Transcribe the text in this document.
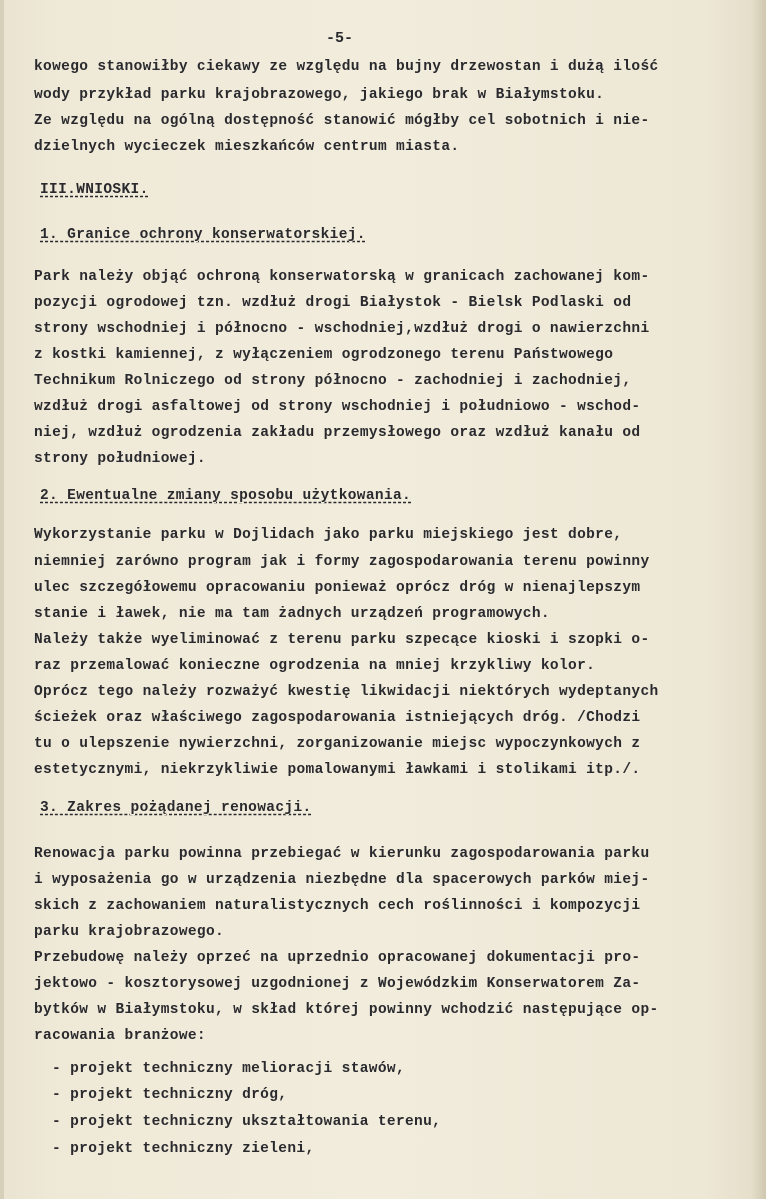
-5-
kowego stanowiłby ciekawy ze względu na bujny drzewostan i dużą ilość
wody przykład parku krajobrazowego, jakiego brak w Białymstoku.
Ze względu na ogólną dostępność stanowić mógłby cel sobotnich i nie-
dzielnych wycieczek mieszkańców centrum miasta.
III.WNIOSKI.
1. Granice ochrony konserwatorskiej.
Park należy objąć ochroną konserwatorską w granicach zachowanej kom-
pozycji ogrodowej tzn. wzdłuż drogi Białystok - Bielsk Podlaski od
strony wschodniej i północno - wschodniej,wzdłuż drogi o nawierzchni
z kostki kamiennej, z wyłączeniem ogrodzonego terenu Państwowego
Technikum Rolniczego od strony północno - zachodniej i zachodniej,
wzdłuż drogi asfaltowej od strony wschodniej i południowo - wschod-
niej, wzdłuż ogrodzenia zakładu przemysłowego oraz wzdłuż kanału od
strony południowej.
2. Ewentualne zmiany sposobu użytkowania.
Wykorzystanie parku w Dojlidach jako parku miejskiego jest dobre,
niemniej zarówno program jak i formy zagospodarowania terenu powinny
ulec szczegółowemu opracowaniu ponieważ oprócz dróg w nienajlepszym
stanie i ławek, nie ma tam żadnych urządzeń programowych.
Należy także wyeliminować z terenu parku szpecące kioski i szopki o-
raz przemalować konieczne ogrodzenia na mniej krzykliwy kolor.
Oprócz tego należy rozważyć kwestię likwidacji niektórych wydeptanych
ścieżek oraz właściwego zagospodarowania istniejących dróg. /Chodzi
tu o ulepszenie nywierzchni, zorganizowanie miejsc wypoczynkowych z
estetycznymi, niekrzykliwie pomalowanymi ławkami i stolikami itp./.
3. Zakres pożądanej renowacji.
Renowacja parku powinna przebiegać w kierunku zagospodarowania parku
i wyposażenia go w urządzenia niezbędne dla spacerowych parków miej-
skich z zachowaniem naturalistycznych cech roślinności i kompozycji
parku krajobrazowego.
Przebudowę należy oprzeć na uprzednio opracowanej dokumentacji pro-
jektowo - kosztorysowej uzgodnionej z Wojewódzkim Konserwatorem Za-
bytków w Białymstoku, w skład której powinny wchodzić następujące op-
racowania branżowe:
- projekt techniczny melioracji stawów,
- projekt techniczny dróg,
- projekt techniczny ukształtowania terenu,
- projekt techniczny zieleni,
